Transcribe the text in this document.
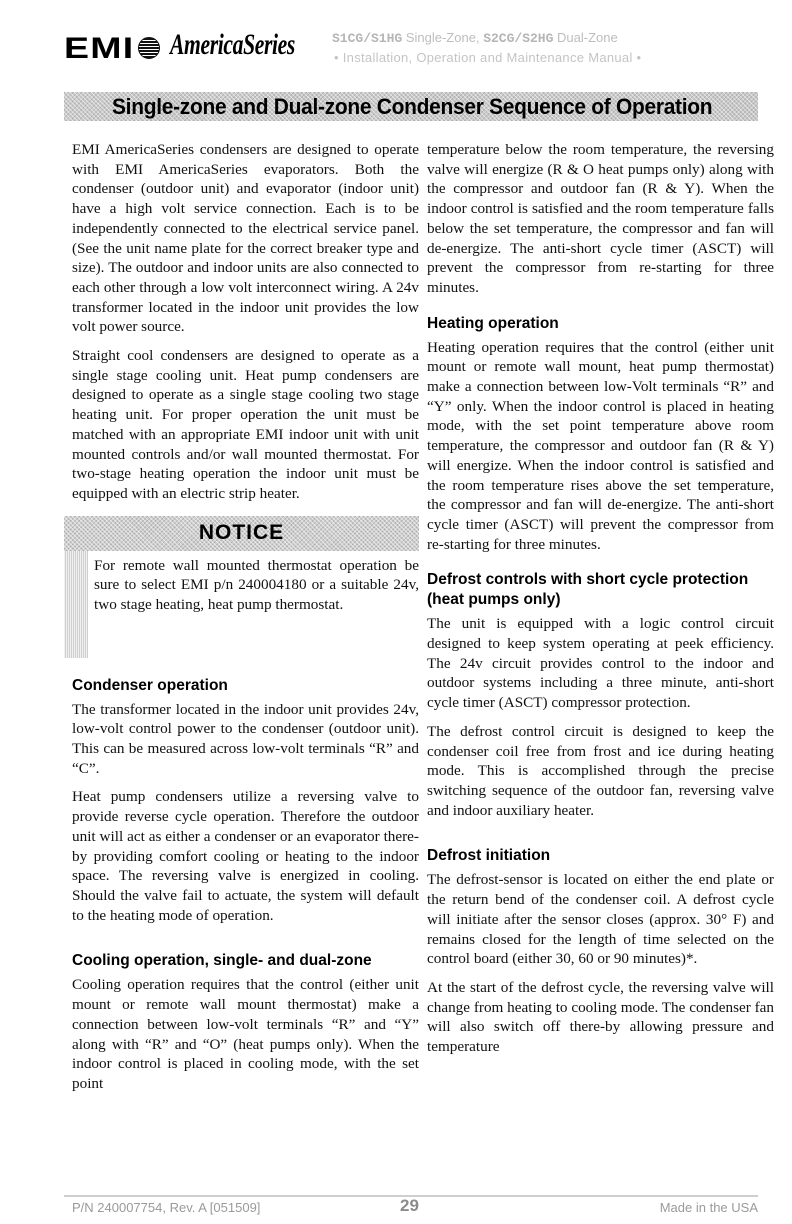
EMI AmericaSeries	S1CG/S1HG Single-Zone, S2CG/S2HG Dual-Zone
• Installation, Operation and Maintenance Manual •
Single-zone and Dual-zone Condenser Sequence of Operation

EMI AmericaSeries condensers are designed to operate with EMI AmericaSeries evaporators. Both the condenser (outdoor unit) and evaporator (indoor unit) have a high volt service connection. Each is to be independently connected to the electrical service panel. (See the unit name plate for the correct breaker type and size). The outdoor and indoor units are also connected to each other through a low volt interconnect wiring. A 24v transformer located in the indoor unit provides the low volt power source.

Straight cool condensers are designed to operate as a single stage cooling unit. Heat pump condensers are designed to operate as a single stage cooling two stage heating unit. For proper operation the unit must be matched with an appropriate EMI indoor unit with unit mounted controls and/or wall mounted thermostat. For two-stage heating operation the indoor unit must be equipped with an electric strip heater.

NOTICE

For remote wall mounted thermostat operation be sure to select EMI p/n 240004180 or a suitable 24v, two stage heating, heat pump thermostat.

Condenser operation

The transformer located in the indoor unit provides 24v, low-volt control power to the condenser (outdoor unit). This can be measured across low-volt terminals “R” and “C”.

Heat pump condensers utilize a reversing valve to provide reverse cycle operation. Therefore the outdoor unit will act as either a condenser or an evaporator there-by providing comfort cooling or heating to the indoor space. The reversing valve is energized in cooling. Should the valve fail to actuate, the system will default to the heating mode of operation.

Cooling operation, single- and dual-zone

Cooling operation requires that the control (either unit mount or remote wall mount thermostat) make a connection between low-volt terminals “R” and “Y” along with “R” and “O” (heat pumps only). When the indoor control is placed in cooling mode, with the set point

temperature below the room temperature, the reversing valve will energize (R & O heat pumps only) along with the compressor and outdoor fan (R & Y). When the indoor control is satisfied and the room temperature falls below the set temperature, the compressor and fan will de-energize. The anti-short cycle timer (ASCT) will prevent the compressor from re-starting for three minutes.

Heating operation

Heating operation requires that the control (either unit mount or remote wall mount, heat pump thermostat) make a connection between low-Volt terminals “R” and “Y” only. When the indoor control is placed in heating mode, with the set point temperature above room temperature, the compressor and outdoor fan (R & Y) will energize. When the indoor control is satisfied and the room temperature rises above the set temperature, the compressor and fan will de-energize. The anti-short cycle timer (ASCT) will prevent the compressor from re-starting for three minutes.

Defrost controls with short cycle protection (heat pumps only)

The unit is equipped with a logic control circuit designed to keep system operating at peek efficiency. The 24v circuit provides control to the indoor and outdoor systems including a three minute, anti-short cycle timer (ASCT) compressor protection.

The defrost control circuit is designed to keep the condenser coil free from frost and ice during heating mode. This is accomplished through the precise switching sequence of the outdoor fan, reversing valve and indoor auxiliary heater.

Defrost initiation

The defrost-sensor is located on either the end plate or the return bend of the condenser coil. A defrost cycle will initiate after the sensor closes (approx. 30° F) and remains closed for the length of time selected on the control board (either 30, 60 or 90 minutes)*.

At the start of the defrost cycle, the reversing valve will change from heating to cooling mode. The condenser fan will also switch off there-by allowing pressure and temperature

P/N 240007754, Rev. A [051509]	29	Made in the USA
